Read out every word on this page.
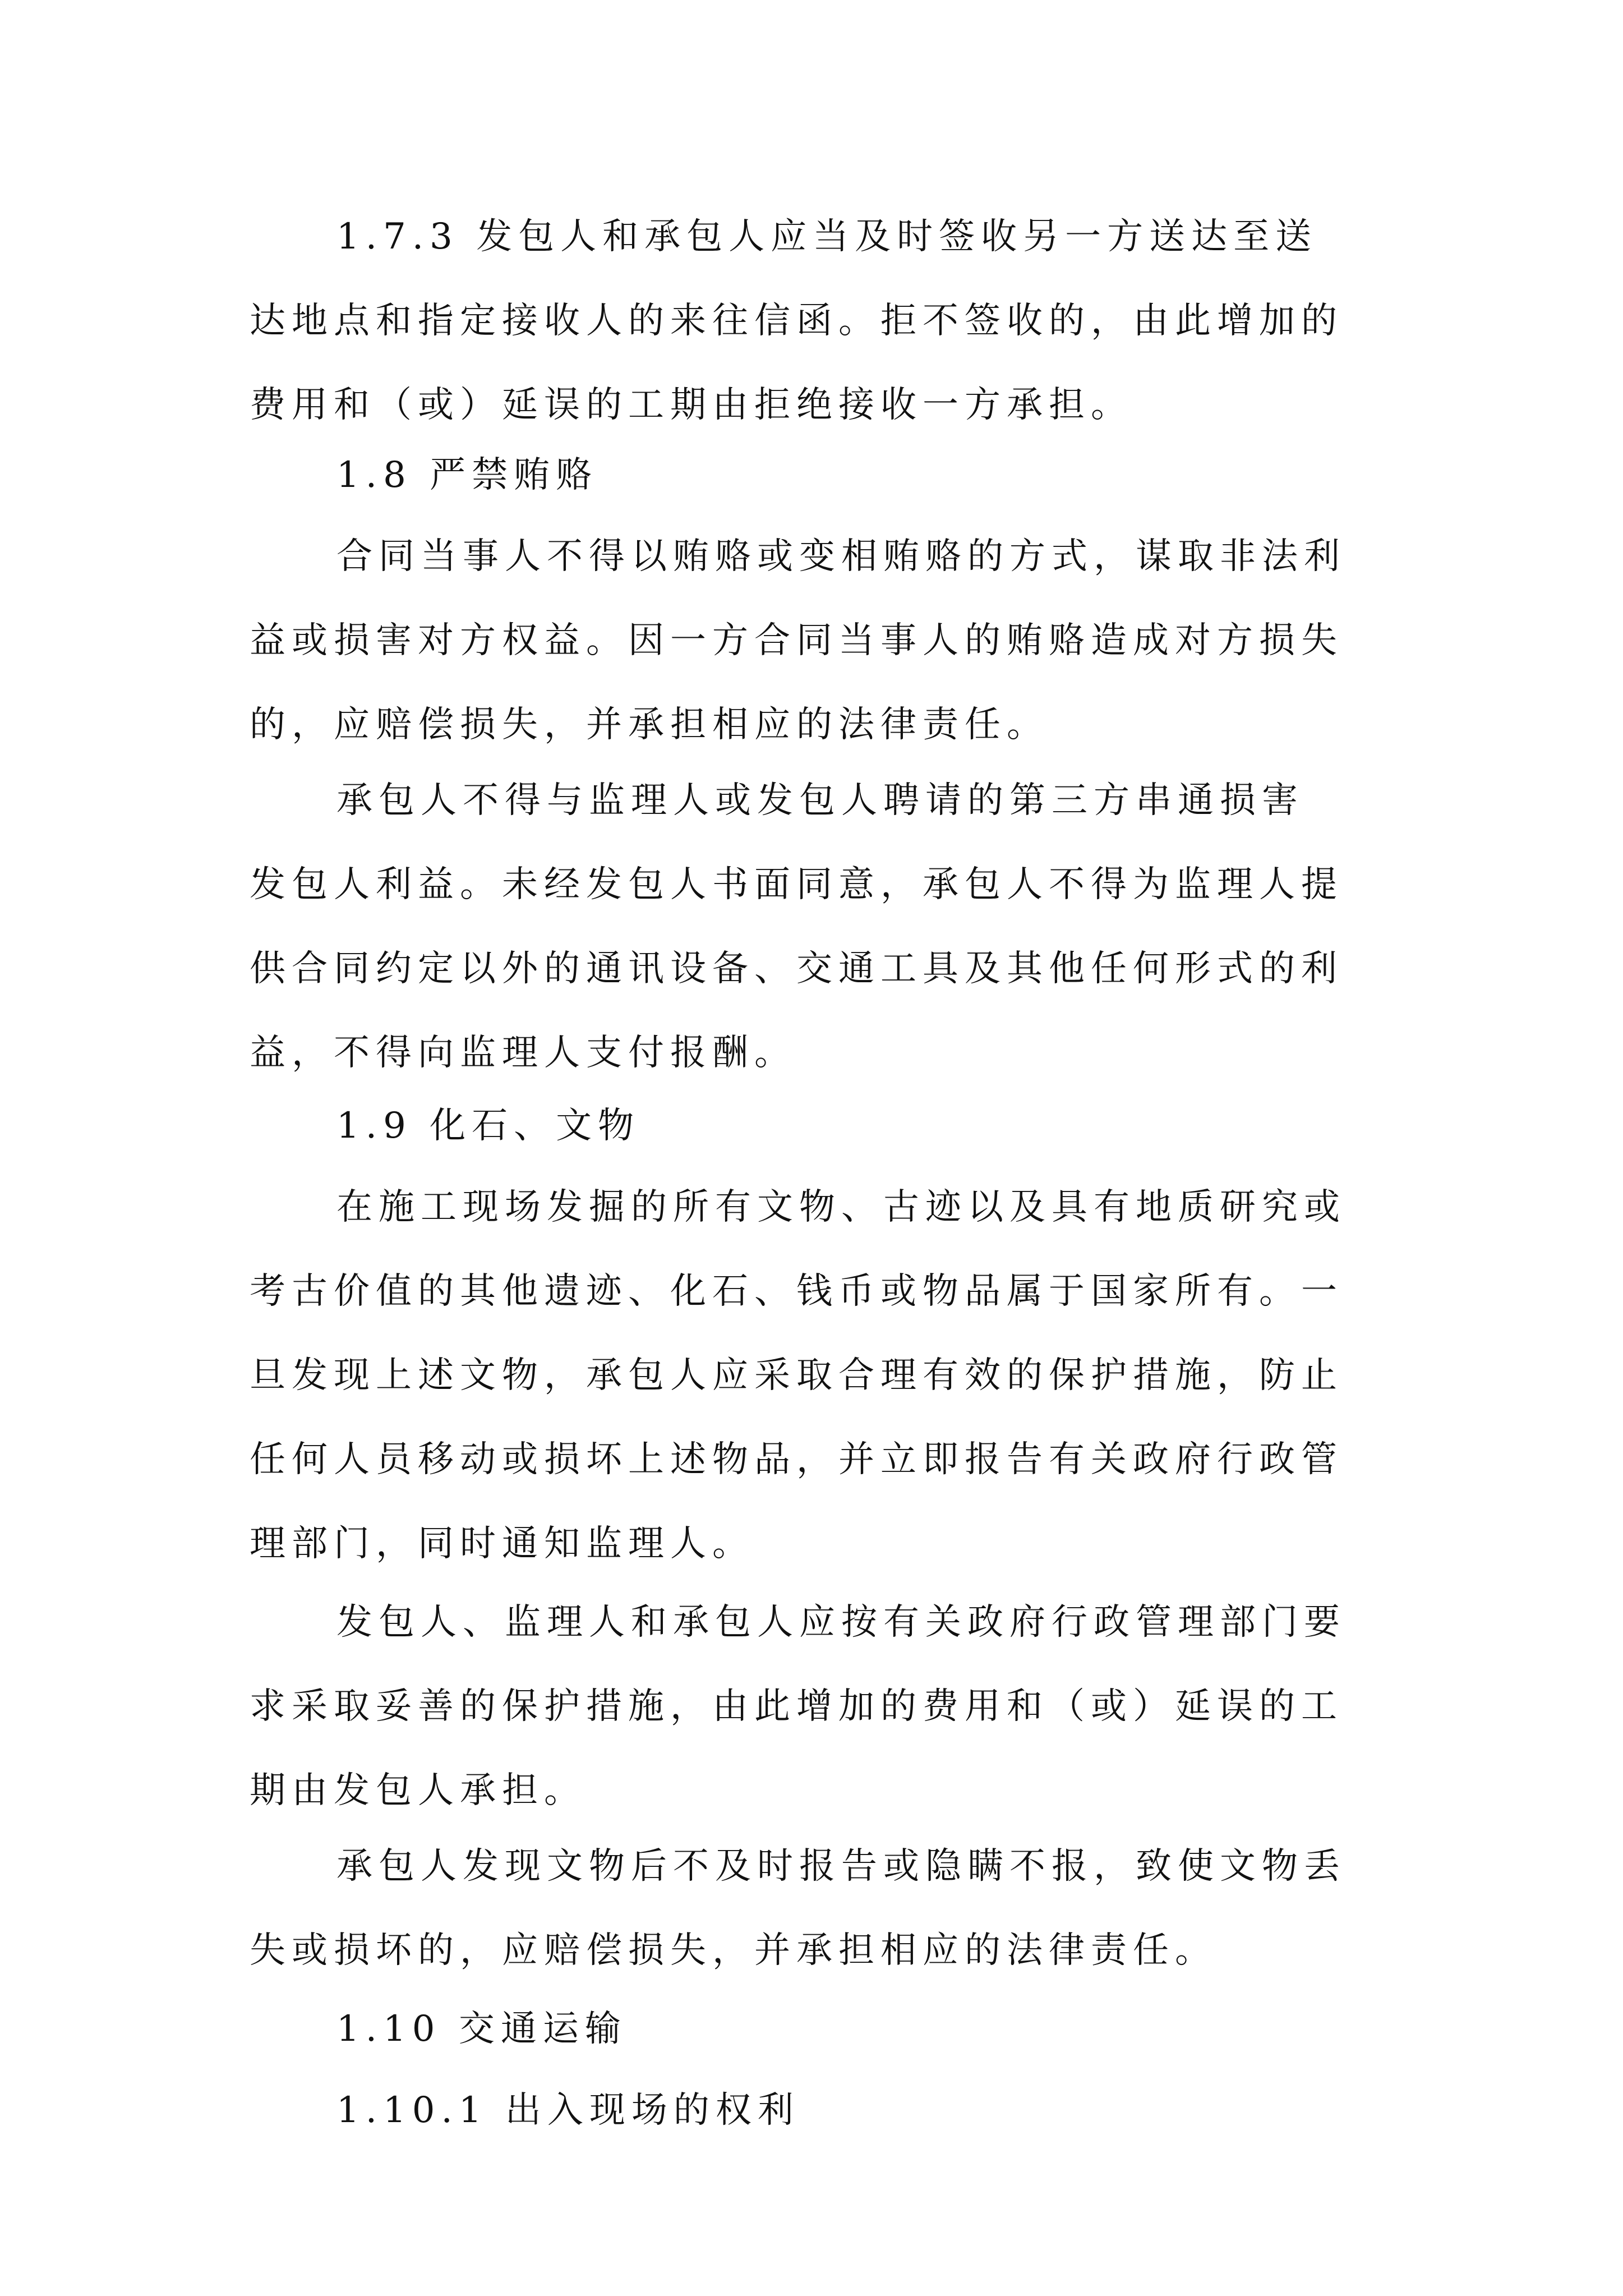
1.7.3 发包人和承包人应当及时签收另一方送达至送

达地点和指定接收人的来往信函。拒不签收的，由此增加的

费用和（或）延误的工期由拒绝接收一方承担。

1.8 严禁贿赂

合同当事人不得以贿赂或变相贿赂的方式，谋取非法利

益或损害对方权益。因一方合同当事人的贿赂造成对方损失

的，应赔偿损失，并承担相应的法律责任。

承包人不得与监理人或发包人聘请的第三方串通损害

发包人利益。未经发包人书面同意，承包人不得为监理人提

供合同约定以外的通讯设备、交通工具及其他任何形式的利

益，不得向监理人支付报酬。

1.9 化石、文物

在施工现场发掘的所有文物、古迹以及具有地质研究或

考古价值的其他遗迹、化石、钱币或物品属于国家所有。一

旦发现上述文物，承包人应采取合理有效的保护措施，防止

任何人员移动或损坏上述物品，并立即报告有关政府行政管

理部门，同时通知监理人。

发包人、监理人和承包人应按有关政府行政管理部门要

求采取妥善的保护措施，由此增加的费用和（或）延误的工

期由发包人承担。

承包人发现文物后不及时报告或隐瞒不报，致使文物丢

失或损坏的，应赔偿损失，并承担相应的法律责任。

1.10 交通运输

1.10.1 出入现场的权利
